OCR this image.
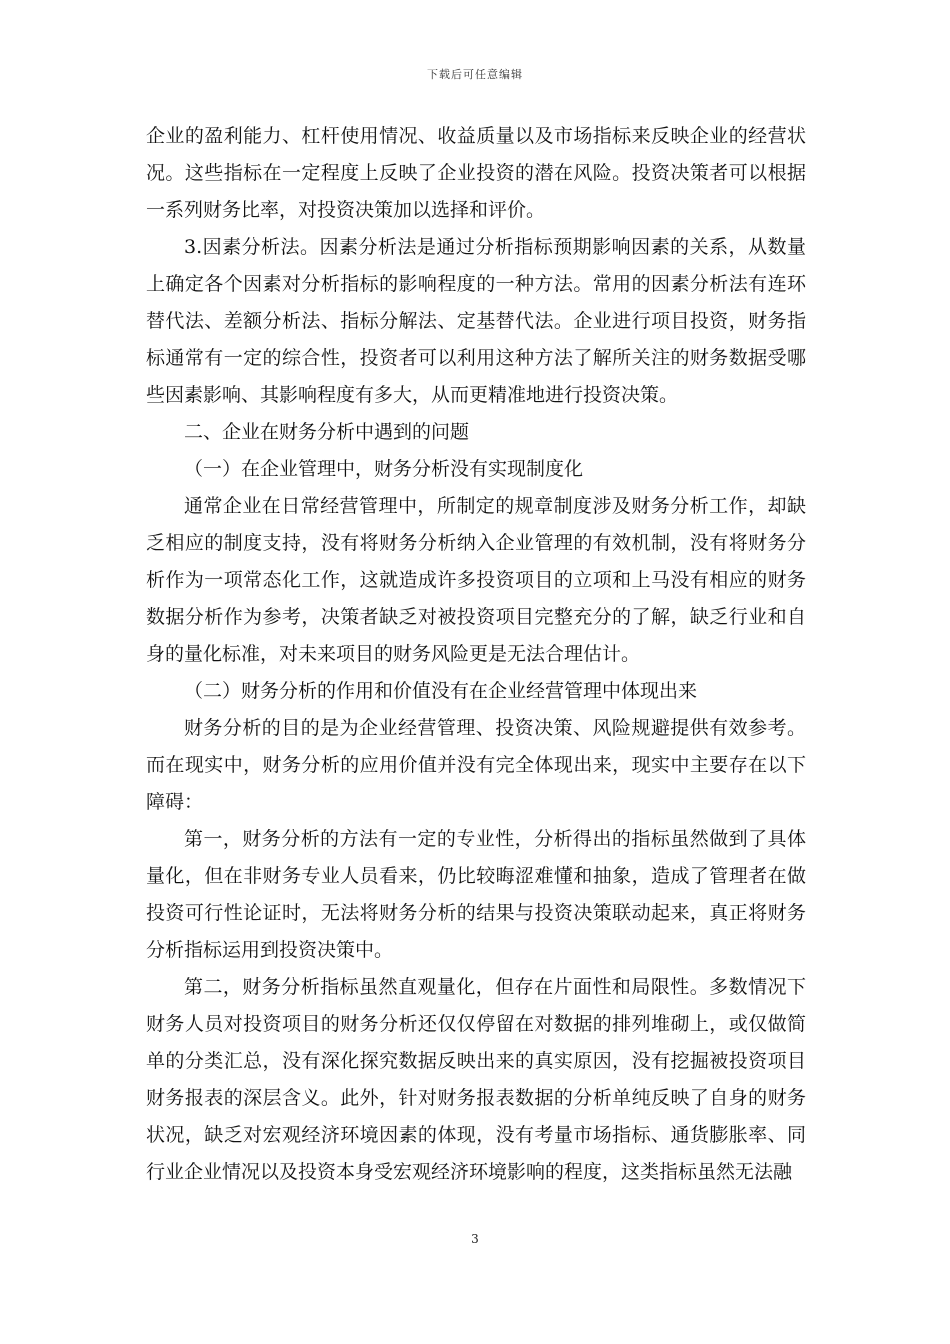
下载后可任意编辑

企业的盈利能力、杠杆使用情况、收益质量以及市场指标来反映企业的经营状况。这些指标在一定程度上反映了企业投资的潜在风险。投资决策者可以根据一系列财务比率，对投资决策加以选择和评价。

3.因素分析法。因素分析法是通过分析指标预期影响因素的关系，从数量上确定各个因素对分析指标的影响程度的一种方法。常用的因素分析法有连环替代法、差额分析法、指标分解法、定基替代法。企业进行项目投资，财务指标通常有一定的综合性，投资者可以利用这种方法了解所关注的财务数据受哪些因素影响、其影响程度有多大，从而更精准地进行投资决策。

二、企业在财务分析中遇到的问题

（一）在企业管理中，财务分析没有实现制度化

通常企业在日常经营管理中，所制定的规章制度涉及财务分析工作，却缺乏相应的制度支持，没有将财务分析纳入企业管理的有效机制，没有将财务分析作为一项常态化工作，这就造成许多投资项目的立项和上马没有相应的财务数据分析作为参考，决策者缺乏对被投资项目完整充分的了解，缺乏行业和自身的量化标准，对未来项目的财务风险更是无法合理估计。

（二）财务分析的作用和价值没有在企业经营管理中体现出来

财务分析的目的是为企业经营管理、投资决策、风险规避提供有效参考。而在现实中，财务分析的应用价值并没有完全体现出来，现实中主要存在以下障碍：

第一，财务分析的方法有一定的专业性，分析得出的指标虽然做到了具体量化，但在非财务专业人员看来，仍比较晦涩难懂和抽象，造成了管理者在做投资可行性论证时，无法将财务分析的结果与投资决策联动起来，真正将财务分析指标运用到投资决策中。

第二，财务分析指标虽然直观量化，但存在片面性和局限性。多数情况下财务人员对投资项目的财务分析还仅仅停留在对数据的排列堆砌上，或仅做简单的分类汇总，没有深化探究数据反映出来的真实原因，没有挖掘被投资项目财务报表的深层含义。此外，针对财务报表数据的分析单纯反映了自身的财务状况，缺乏对宏观经济环境因素的体现，没有考量市场指标、通货膨胀率、同行业企业情况以及投资本身受宏观经济环境影响的程度，这类指标虽然无法融

3
